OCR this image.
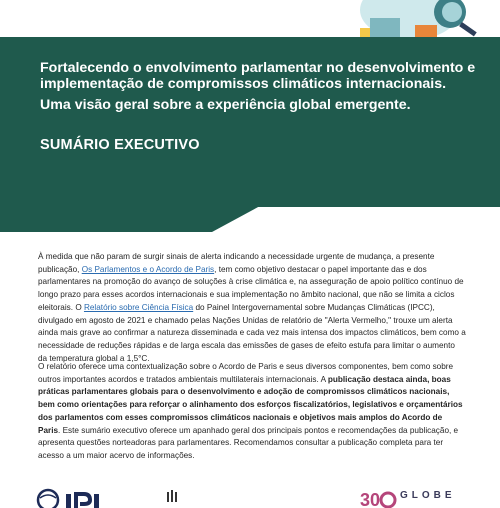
Fortalecendo o envolvimento parlamentar no desenvolvimento e implementação de compromissos climáticos internacionais.
Uma visão geral sobre a experiência global emergente.
SUMÁRIO EXECUTIVO

À medida que não param de surgir sinais de alerta indicando a necessidade urgente de mudança, a presente publicação, Os Parlamentos e o Acordo de Paris, tem como objetivo destacar o papel importante das e dos parlamentares na promoção do avanço de soluções à crise climática e, na asseguração de apoio político contínuo de longo prazo para esses acordos internacionais e sua implementação no âmbito nacional, que não se limita a ciclos eleitorais. O Relatório sobre Ciência Física do Painel Intergovernamental sobre Mudanças Climáticas (IPCC), divulgado em agosto de 2021 e chamado pelas Nações Unidas de relatório de "Alerta Vermelho," trouxe um alerta ainda mais grave ao confirmar a natureza disseminada e cada vez mais intensa dos impactos climáticos, bem como a necessidade de reduções rápidas e de larga escala das emissões de gases de efeito estufa para limitar o aumento da temperatura global a 1,5°C.

O relatório oferece uma contextualização sobre o Acordo de Paris e seus diversos componentes, bem como sobre outros importantes acordos e tratados ambientais multilaterais internacionais. A publicação destaca ainda, boas práticas parlamentares globais para o desenvolvimento e adoção de compromissos climáticos nacionais, bem como orientações para reforçar o alinhamento dos esforços fiscalizatórios, legislativos e orçamentários dos parlamentos com esses compromissos climáticos nacionais e objetivos mais amplos do Acordo de Paris. Este sumário executivo oferece um apanhado geral dos principais pontos e recomendações da publicação, e apresenta questões norteadoras para parlamentares. Recomendamos consultar a publicação completa para ter acesso a um maior acervo de informações.

30 GLOBE
